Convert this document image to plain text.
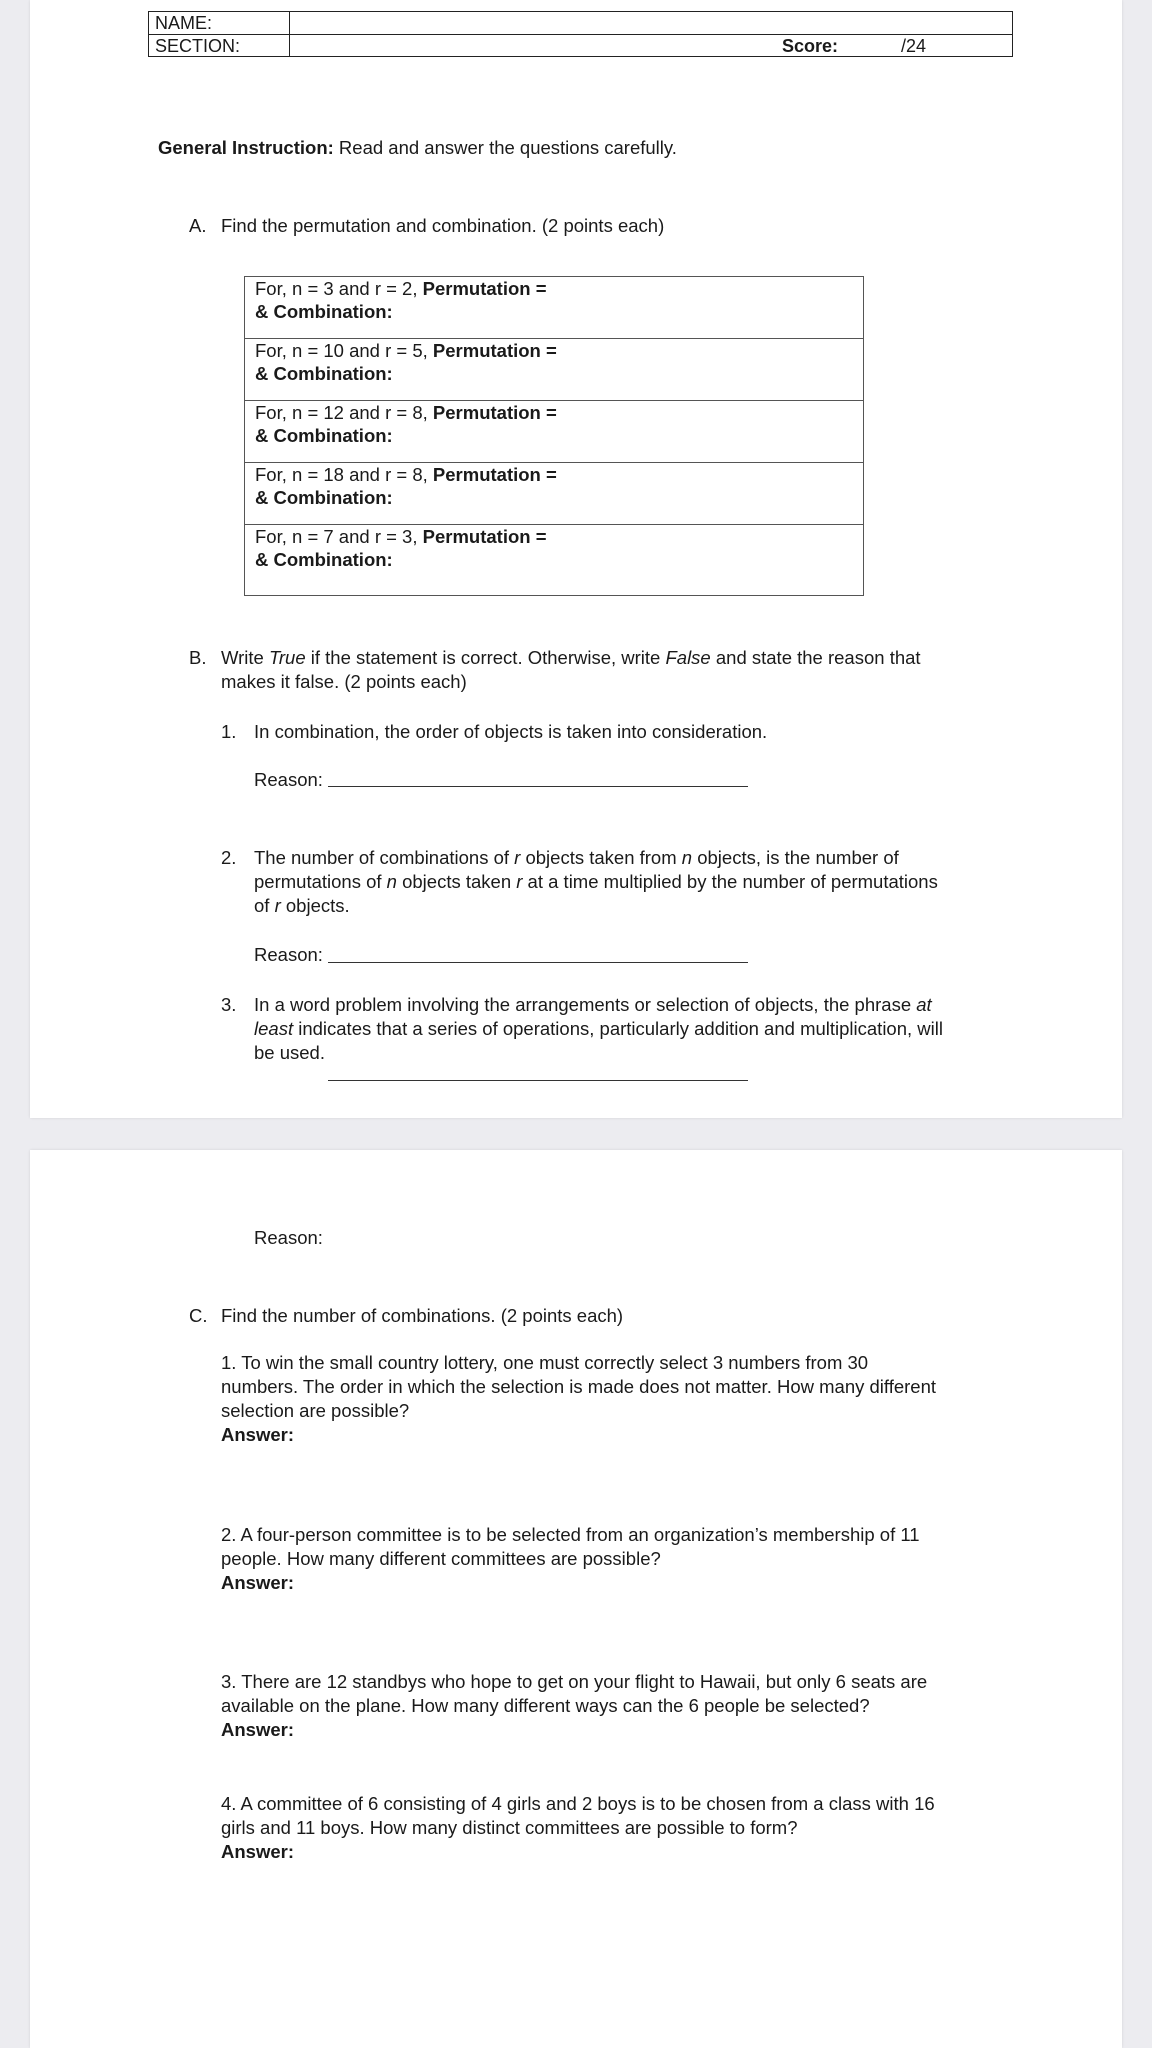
NAME:
SECTION:	Score:	/24
General Instruction: Read and answer the questions carefully.
A. Find the permutation and combination. (2 points each)
For, n = 3 and r = 2, Permutation =
& Combination:
For, n = 10 and r = 5, Permutation =
& Combination:
For, n = 12 and r = 8, Permutation =
& Combination:
For, n = 18 and r = 8, Permutation =
& Combination:
For, n = 7 and r = 3, Permutation =
& Combination:
B. Write True if the statement is correct. Otherwise, write False and state the reason that
makes it false. (2 points each)
1. In combination, the order of objects is taken into consideration.
Reason:
2. The number of combinations of r objects taken from n objects, is the number of
permutations of n objects taken r at a time multiplied by the number of permutations
of r objects.
Reason:
3. In a word problem involving the arrangements or selection of objects, the phrase at
least indicates that a series of operations, particularly addition and multiplication, will
be used.
Reason:
C. Find the number of combinations. (2 points each)
1. To win the small country lottery, one must correctly select 3 numbers from 30
numbers. The order in which the selection is made does not matter. How many different
selection are possible?
Answer:
2. A four-person committee is to be selected from an organization’s membership of 11
people. How many different committees are possible?
Answer:
3. There are 12 standbys who hope to get on your flight to Hawaii, but only 6 seats are
available on the plane. How many different ways can the 6 people be selected?
Answer:
4. A committee of 6 consisting of 4 girls and 2 boys is to be chosen from a class with 16
girls and 11 boys. How many distinct committees are possible to form?
Answer:
